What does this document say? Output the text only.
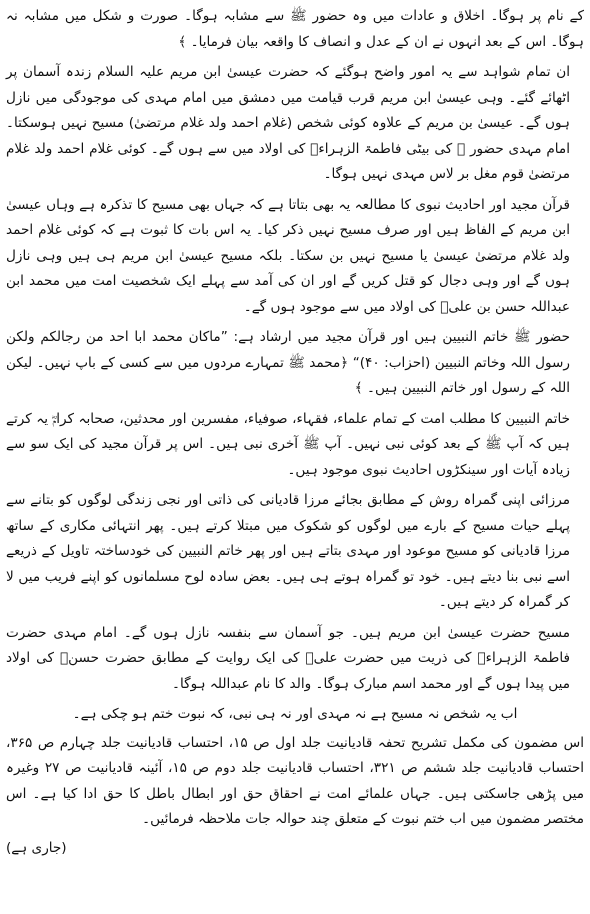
کے نام پر ہوگا۔ اخلاق و عادات میں وہ حضور ﷺ سے مشابہ ہوگا۔ صورت و شکل میں مشابہ نہ ہوگا۔ اس کے بعد انہوں نے ان کے عدل و انصاف کا واقعہ بیان فرمایا۔ ﴾

ان تمام شواہد سے یہ امور واضح ہوگئے کہ حضرت عیسیٰ ابن مریم علیہ السلام زندہ آسمان پر اٹھائے گئے۔ وہی عیسیٰ ابن مریم قرب قیامت میں دمشق میں امام مہدی کی موجودگی میں نازل ہوں گے۔ عیسیٰ بن مریم کے علاوہ کوئی شخص (غلام احمد ولد غلام مرتضیٰ) مسیح نہیں ہوسکتا۔ امام مہدی حضور ﷺ کی بیٹی فاطمۃ الزہراءؓ کی اولاد میں سے ہوں گے۔ کوئی غلام احمد ولد غلام مرتضیٰ قوم مغل بر لاس مہدی نہیں ہوگا۔

قرآن مجید اور احادیث نبوی کا مطالعہ یہ بھی بتاتا ہے کہ جہاں بھی مسیح کا تذکرہ ہے وہاں عیسیٰ ابن مریم کے الفاظ ہیں اور صرف مسیح نہیں ذکر کیا۔ یہ اس بات کا ثبوت ہے کہ کوئی غلام احمد ولد غلام مرتضیٰ عیسیٰ یا مسیح نہیں بن سکتا۔ بلکہ مسیح عیسیٰ ابن مریم ہی ہیں وہی نازل ہوں گے اور وہی دجال کو قتل کریں گے اور ان کی آمد سے پہلے ایک شخصیت امت میں محمد ابن عبداللہ حسن بن علیؓ کی اولاد میں سے موجود ہوں گے۔

حضور ﷺ خاتم النبیین ہیں اور قرآن مجید میں ارشاد ہے: ”ماکان محمد ابا احد من رجالکم ولکن رسول اللہ وخاتم النبیین (احزاب: ۴۰)“ ﴿محمد ﷺ تمہارے مردوں میں سے کسی کے باپ نہیں۔ لیکن اللہ کے رسول اور خاتم النبیین ہیں۔ ﴾

خاتم النبیین کا مطلب امت کے تمام علماء، فقہاء، صوفیاء، مفسرین اور محدثین، صحابہ کرامؓ یہ کرتے ہیں کہ آپ ﷺ کے بعد کوئی نبی نہیں۔ آپ ﷺ آخری نبی ہیں۔ اس پر قرآن مجید کی ایک سو سے زیادہ آیات اور سینکڑوں احادیث نبوی موجود ہیں۔

مرزائی اپنی گمراہ روش کے مطابق بجائے مرزا قادیانی کی ذاتی اور نجی زندگی لوگوں کو بتانے سے پہلے حیات مسیح کے بارے میں لوگوں کو شکوک میں مبتلا کرتے ہیں۔ پھر انتہائی مکاری کے ساتھ مرزا قادیانی کو مسیح موعود اور مہدی بتاتے ہیں اور پھر خاتم النبیین کی خودساختہ تاویل کے ذریعے اسے نبی بنا دیتے ہیں۔ خود تو گمراہ ہوتے ہی ہیں۔ بعض سادہ لوح مسلمانوں کو اپنے فریب میں لا کر گمراہ کر دیتے ہیں۔

مسیح حضرت عیسیٰ ابن مریم ہیں۔ جو آسمان سے بنفسہ نازل ہوں گے۔ امام مہدی حضرت فاطمۃ الزہراءؓ کی ذریت میں حضرت علیؓ کی ایک روایت کے مطابق حضرت حسنؓ کی اولاد میں پیدا ہوں گے اور محمد اسم مبارک ہوگا۔ والد کا نام عبداللہ ہوگا۔

اب یہ شخص نہ مسیح ہے نہ مہدی اور نہ ہی نبی، کہ نبوت ختم ہو چکی ہے۔

اس مضمون کی مکمل تشریح تحفہ قادیانیت جلد اول ص ۱۵، احتساب قادیانیت جلد چہارم ص ۳۶۵، احتساب قادیانیت جلد ششم ص ۳۲۱، احتساب قادیانیت جلد دوم ص ۱۵، آئینہ قادیانیت ص ۲۷ وغیرہ میں پڑھی جاسکتی ہیں۔ جہاں علمائے امت نے احقاق حق اور ابطال باطل کا حق ادا کیا ہے۔ اس مختصر مضمون میں اب ختم نبوت کے متعلق چند حوالہ جات ملاحظہ فرمائیں۔

(جاری ہے)
